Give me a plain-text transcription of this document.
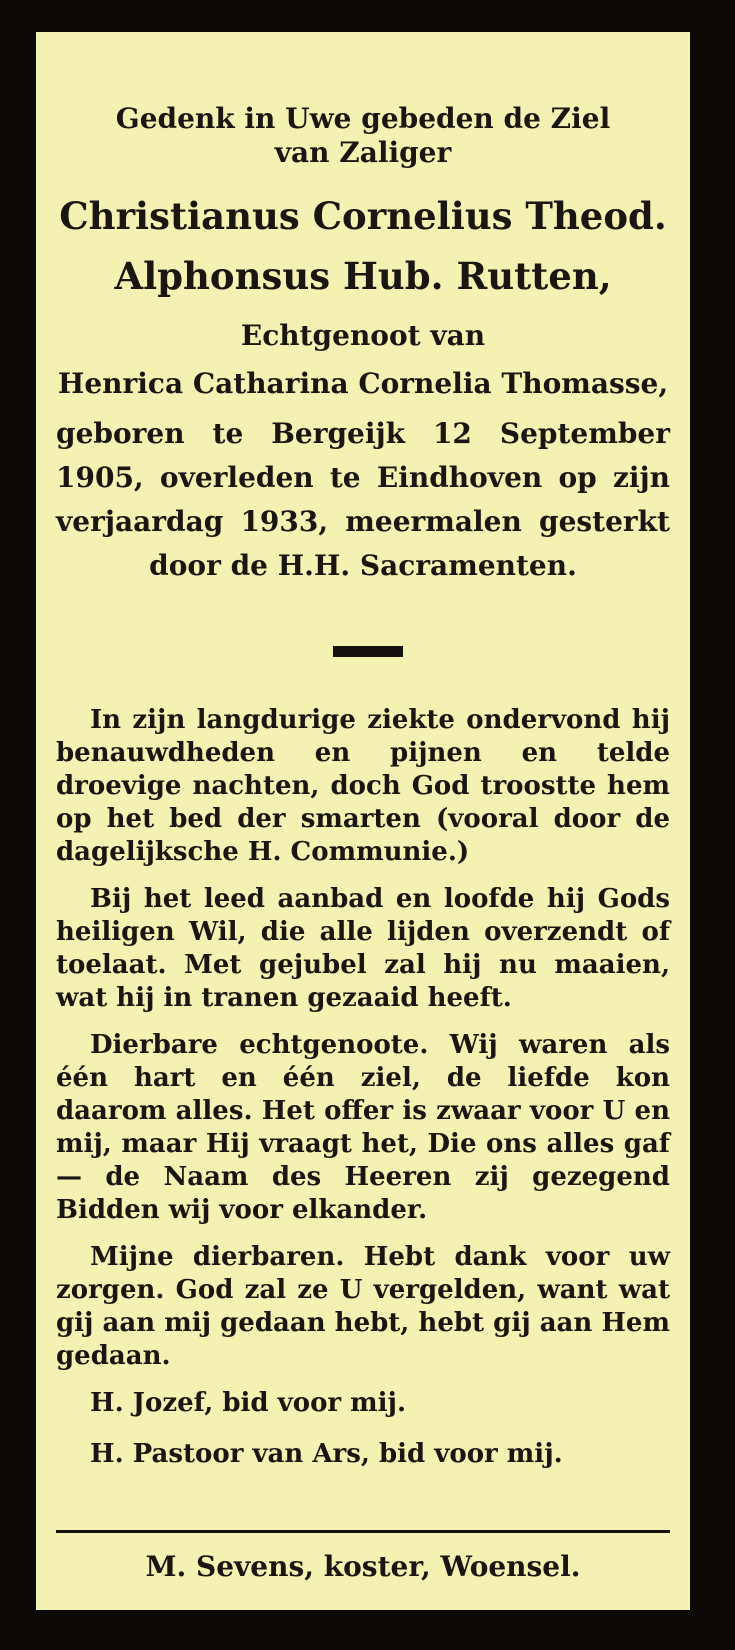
Gedenk in Uwe gebeden de Ziel

van Zaliger

Christianus Cornelius Theod.

Alphonsus Hub. Rutten,

Echtgenoot van
Henrica Catharina Cornelia Thomasse,
geboren te Bergeijk 12 September 1905, overleden te Eindhoven op zijn verjaardag 1933, meermalen gesterkt door de H.H. Sacramenten.

In zijn langdurige ziekte ondervond hij benauwdheden en pijnen en telde droevige nachten, doch God troostte hem op het bed der smarten (vooral door de dagelijksche H. Communie.)

Bij het leed aanbad en loofde hij Gods heiligen Wil, die alle lijden overzendt of toelaat. Met gejubel zal hij nu maaien, wat hij in tranen gezaaid heeft.

Dierbare echtgenoote. Wij waren als één hart en één ziel, de liefde kon daarom alles. Het offer is zwaar voor U en mij, maar Hij vraagt het, Die ons alles gaf — de Naam des Heeren zij gezegend Bidden wij voor elkander.

Mijne dierbaren. Hebt dank voor uw zorgen. God zal ze U vergelden, want wat gij aan mij gedaan hebt, hebt gij aan Hem gedaan.

H. Jozef, bid voor mij.

H. Pastoor van Ars, bid voor mij.

M. Sevens, koster, Woensel.
